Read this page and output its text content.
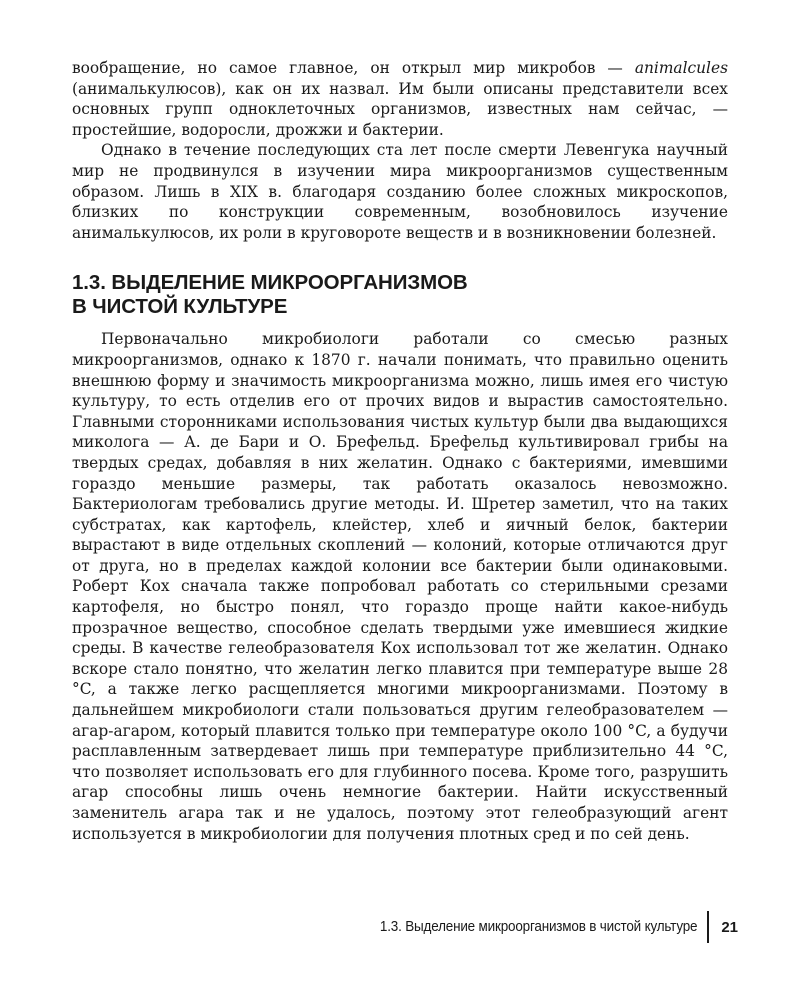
вообращение, но самое главное, он открыл мир микробов — animalcules (анималькулюсов), как он их назвал. Им были описаны представители всех основных групп одноклеточных организмов, известных нам сейчас, — простейшие, водоросли, дрожжи и бактерии.

Однако в течение последующих ста лет после смерти Левенгука научный мир не продвинулся в изучении мира микроорганизмов существенным образом. Лишь в XIX в. благодаря созданию более сложных микроскопов, близких по конструкции современным, возобновилось изучение анималькулюсов, их роли в круговороте веществ и в возникновении болезней.

1.3. ВЫДЕЛЕНИЕ МИКРООРГАНИЗМОВ
В ЧИСТОЙ КУЛЬТУРЕ

Первоначально микробиологи работали со смесью разных микроорганизмов, однако к 1870 г. начали понимать, что правильно оценить внешнюю форму и значимость микроорганизма можно, лишь имея его чистую культуру, то есть отделив его от прочих видов и вырастив самостоятельно. Главными сторонниками использования чистых культур были два выдающихся миколога — А. де Бари и О. Брефельд. Брефельд культивировал грибы на твердых средах, добавляя в них желатин. Однако с бактериями, имевшими гораздо меньшие размеры, так работать оказалось невозможно. Бактериологам требовались другие методы. И. Шретер заметил, что на таких субстратах, как картофель, клейстер, хлеб и яичный белок, бактерии вырастают в виде отдельных скоплений — колоний, которые отличаются друг от друга, но в пределах каждой колонии все бактерии были одинаковыми. Роберт Кох сначала также попробовал работать со стерильными срезами картофеля, но быстро понял, что гораздо проще найти какое-нибудь прозрачное вещество, способное сделать твердыми уже имевшиеся жидкие среды. В качестве гелеобразователя Кох использовал тот же желатин. Однако вскоре стало понятно, что желатин легко плавится при температуре выше 28 °C, а также легко расщепляется многими микроорганизмами. Поэтому в дальнейшем микробиологи стали пользоваться другим гелеобразователем — агар-агаром, который плавится только при температуре около 100 °C, а будучи расплавленным затвердевает лишь при температуре приблизительно 44 °C, что позволяет использовать его для глубинного посева. Кроме того, разрушить агар способны лишь очень немногие бактерии. Найти искусственный заменитель агара так и не удалось, поэтому этот гелеобразующий агент используется в микробиологии для получения плотных сред и по сей день.

1.3. Выделение микроорганизмов в чистой культуре 21
